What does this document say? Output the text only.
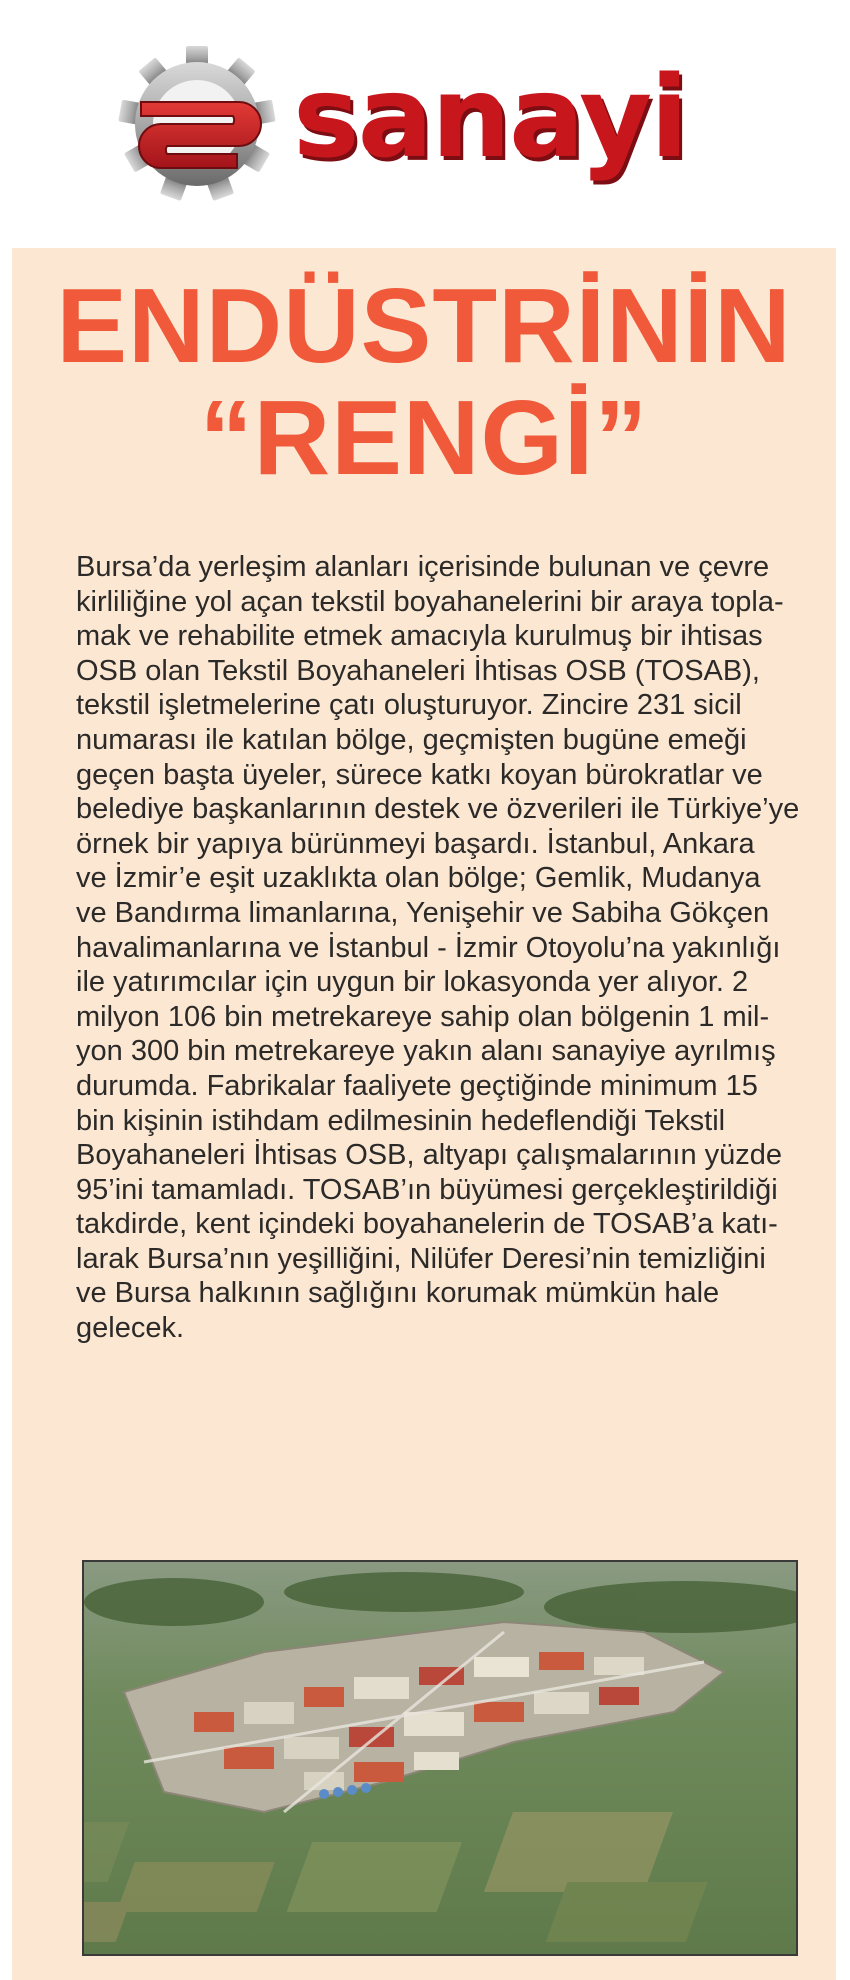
sanayi
ENDÜSTRİNİN
“RENGİ”
Bursa’da yerleşim alanları içerisinde bulunan ve çevre
kirliliğine yol açan tekstil boyahanelerini bir araya topla-
mak ve rehabilite etmek amacıyla kurulmuş bir ihtisas
OSB olan Tekstil Boyahaneleri İhtisas OSB (TOSAB),
tekstil işletmelerine çatı oluşturuyor. Zincire 231 sicil
numarası ile katılan bölge, geçmişten bugüne emeği
geçen başta üyeler, sürece katkı koyan bürokratlar ve
belediye başkanlarının destek ve özverileri ile Türkiye’ye
örnek bir yapıya bürünmeyi başardı. İstanbul, Ankara
ve İzmir’e eşit uzaklıkta olan bölge; Gemlik, Mudanya
ve Bandırma limanlarına, Yenişehir ve Sabiha Gökçen
havalimanlarına ve İstanbul - İzmir Otoyolu’na yakınlığı
ile yatırımcılar için uygun bir lokasyonda yer alıyor. 2
milyon 106 bin metrekareye sahip olan bölgenin 1 mil-
yon 300 bin metrekareye yakın alanı sanayiye ayrılmış
durumda. Fabrikalar faaliyete geçtiğinde minimum 15
bin kişinin istihdam edilmesinin hedeflendiği Tekstil
Boyahaneleri İhtisas OSB, altyapı çalışmalarının yüzde
95’ini tamamladı. TOSAB’ın büyümesi gerçekleştirildiği
takdirde, kent içindeki boyahanelerin de TOSAB’a katı-
larak Bursa’nın yeşilliğini, Nilüfer Deresi’nin temizliğini
ve Bursa halkının sağlığını korumak mümkün hale
gelecek.
